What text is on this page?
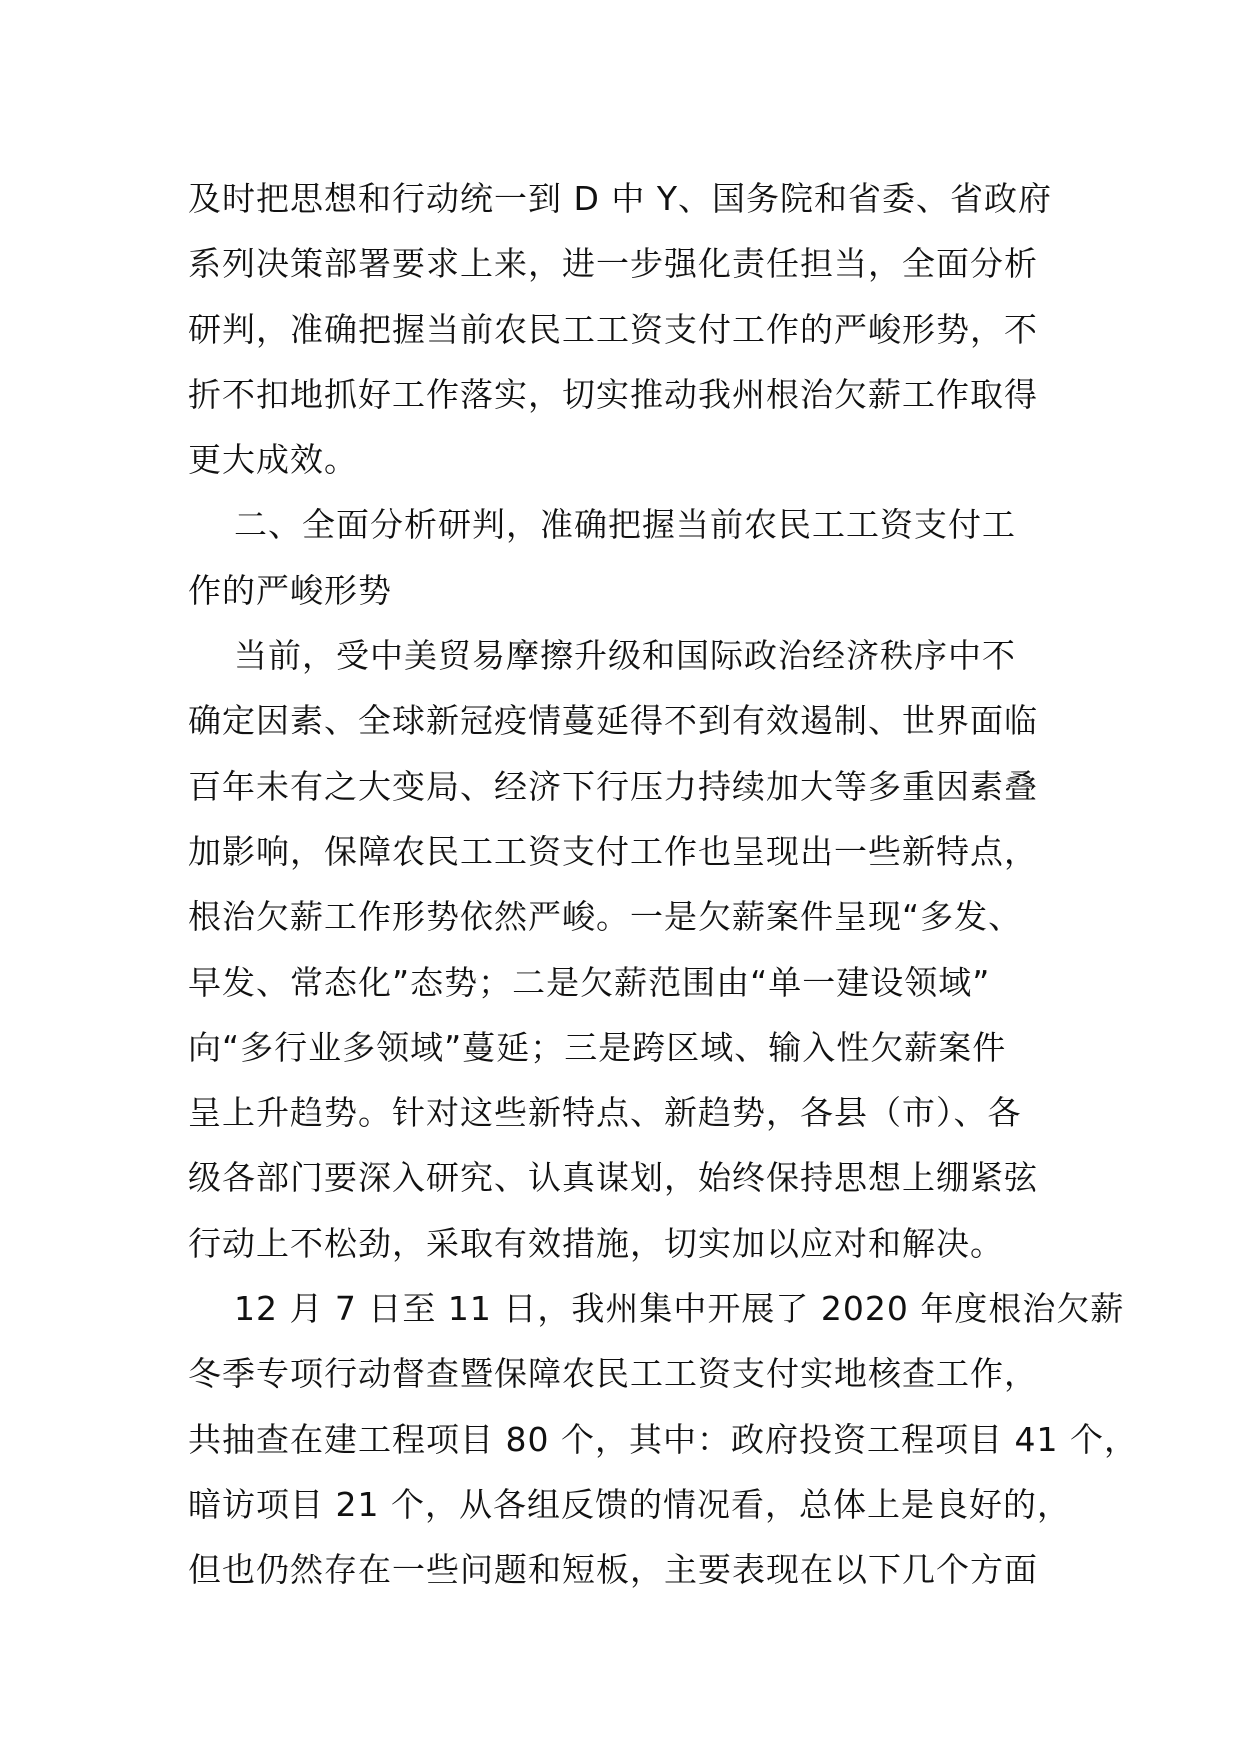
及时把思想和行动统一到 D 中 Y、国务院和省委、省政府
系列决策部署要求上来，进一步强化责任担当，全面分析
研判，准确把握当前农民工工资支付工作的严峻形势，不
折不扣地抓好工作落实，切实推动我州根治欠薪工作取得
更大成效。
二、全面分析研判，准确把握当前农民工工资支付工
作的严峻形势
当前，受中美贸易摩擦升级和国际政治经济秩序中不
确定因素、全球新冠疫情蔓延得不到有效遏制、世界面临
百年未有之大变局、经济下行压力持续加大等多重因素叠
加影响，保障农民工工资支付工作也呈现出一些新特点，
根治欠薪工作形势依然严峻。一是欠薪案件呈现“多发、
早发、常态化”态势；二是欠薪范围由“单一建设领域”
向“多行业多领域”蔓延；三是跨区域、输入性欠薪案件
呈上升趋势。针对这些新特点、新趋势，各县（市）、各
级各部门要深入研究、认真谋划，始终保持思想上绷紧弦
行动上不松劲，采取有效措施，切实加以应对和解决。
12 月 7 日至 11 日，我州集中开展了 2020 年度根治欠薪
冬季专项行动督查暨保障农民工工资支付实地核查工作，
共抽查在建工程项目 80 个，其中：政府投资工程项目 41 个，
暗访项目 21 个，从各组反馈的情况看，总体上是良好的，
但也仍然存在一些问题和短板，主要表现在以下几个方面
